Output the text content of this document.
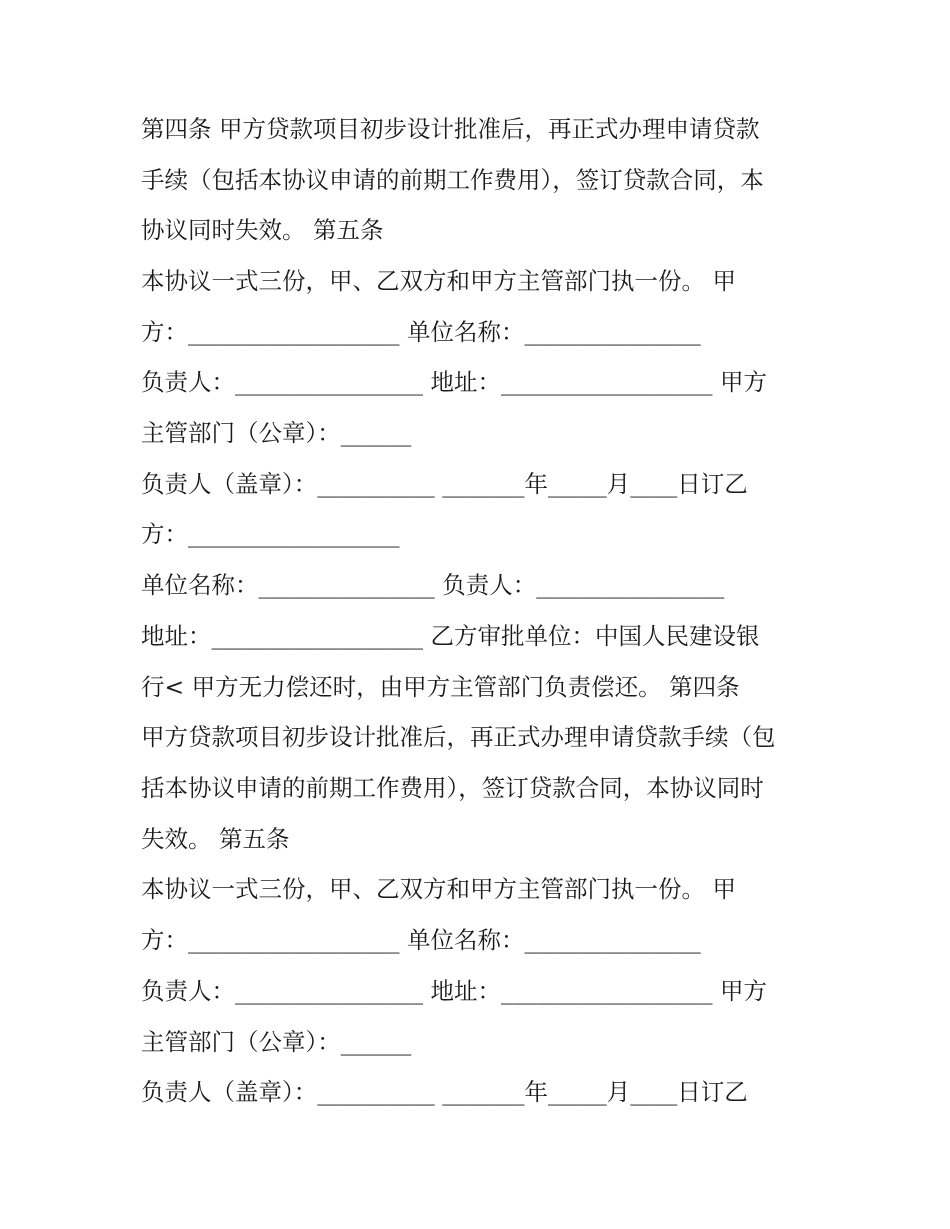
第四条 甲方贷款项目初步设计批准后，再正式办理申请贷款
手续（包括本协议申请的前期工作费用），签订贷款合同，本
协议同时失效。 第五条
本协议一式三份，甲、乙双方和甲方主管部门执一份。 甲
方：__________________ 单位名称：_______________
负责人：________________ 地址：__________________ 甲方
主管部门（公章）：______
负责人（盖章）：__________ _______年_____月____日订乙
方：__________________
单位名称：_______________ 负责人：________________
地址：__________________ 乙方审批单位：中国人民建设银
行< 甲方无力偿还时，由甲方主管部门负责偿还。 第四条
甲方贷款项目初步设计批准后，再正式办理申请贷款手续（包
括本协议申请的前期工作费用），签订贷款合同，本协议同时
失效。 第五条
本协议一式三份，甲、乙双方和甲方主管部门执一份。 甲
方：__________________ 单位名称：_______________
负责人：________________ 地址：__________________ 甲方
主管部门（公章）：______
负责人（盖章）：__________ _______年_____月____日订乙
